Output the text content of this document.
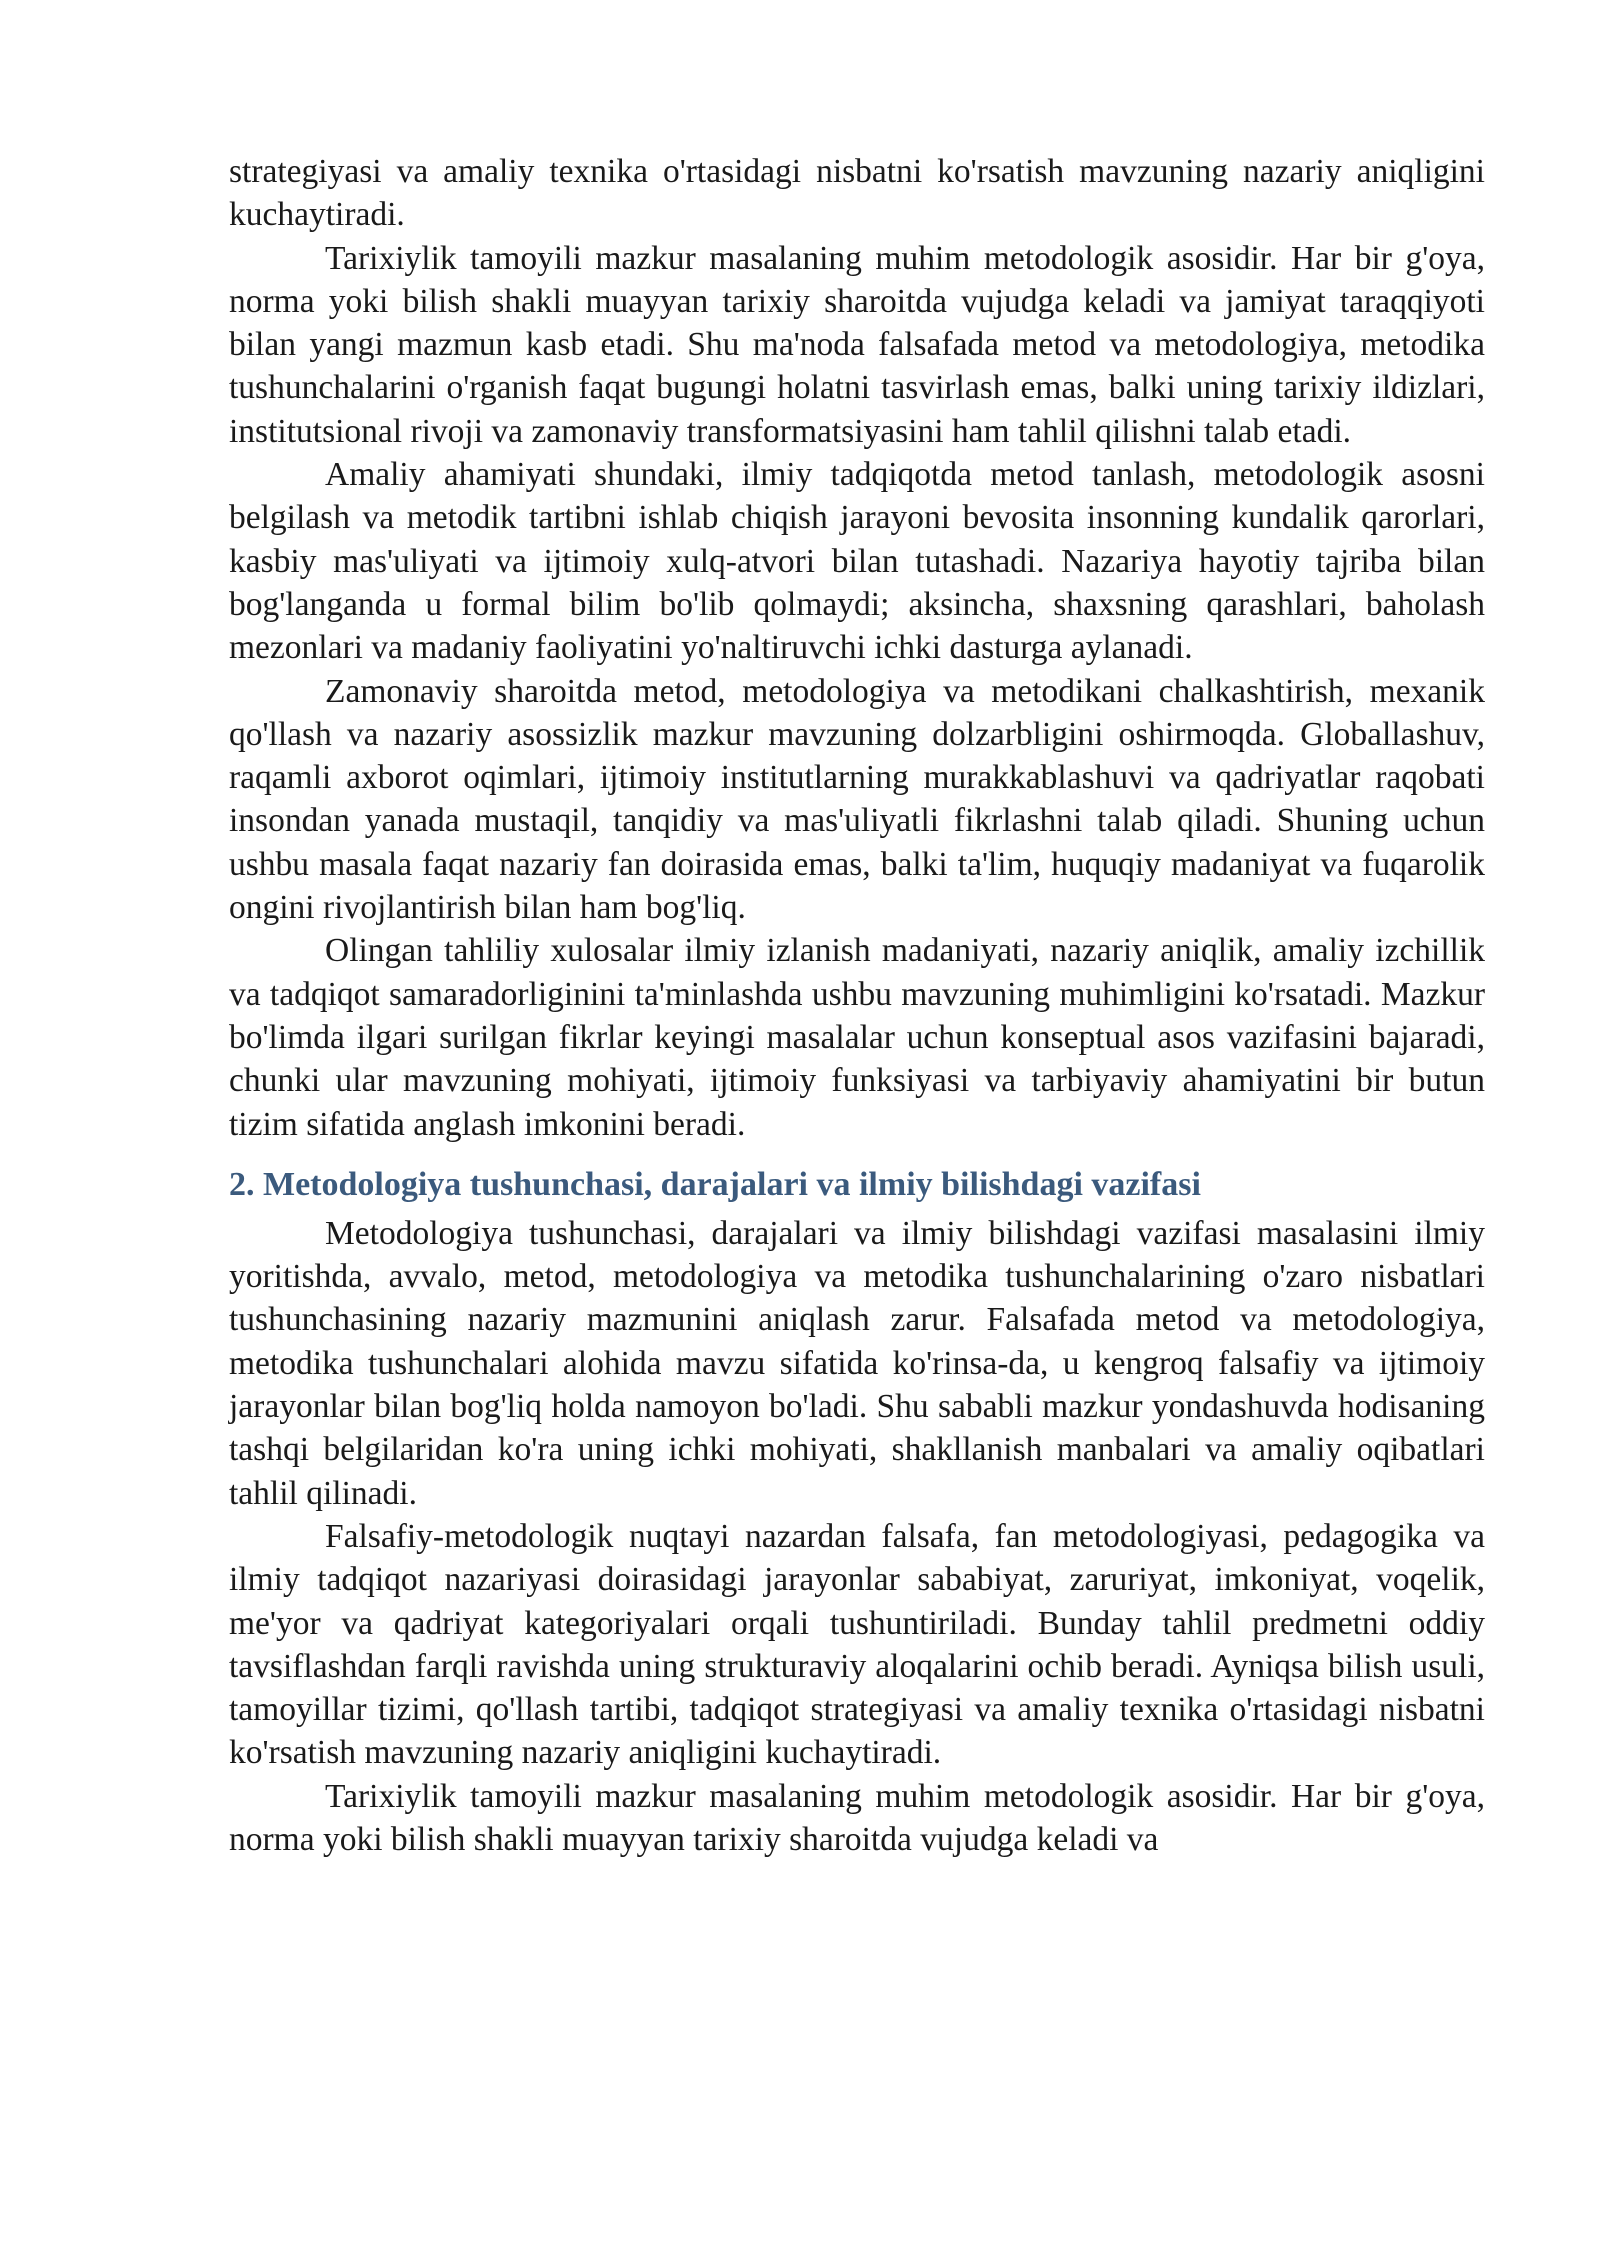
strategiyasi va amaliy texnika o'rtasidagi nisbatni ko'rsatish mavzuning nazariy aniqligini kuchaytiradi.

Tarixiylik tamoyili mazkur masalaning muhim metodologik asosidir. Har bir g'oya, norma yoki bilish shakli muayyan tarixiy sharoitda vujudga keladi va jamiyat taraqqiyoti bilan yangi mazmun kasb etadi. Shu ma'noda falsafada metod va metodologiya, metodika tushunchalarini o'rganish faqat bugungi holatni tasvirlash emas, balki uning tarixiy ildizlari, institutsional rivoji va zamonaviy transformatsiyasini ham tahlil qilishni talab etadi.

Amaliy ahamiyati shundaki, ilmiy tadqiqotda metod tanlash, metodologik asosni belgilash va metodik tartibni ishlab chiqish jarayoni bevosita insonning kundalik qarorlari, kasbiy mas'uliyati va ijtimoiy xulq-atvori bilan tutashadi. Nazariya hayotiy tajriba bilan bog'langanda u formal bilim bo'lib qolmaydi; aksincha, shaxsning qarashlari, baholash mezonlari va madaniy faoliyatini yo'naltiruvchi ichki dasturga aylanadi.

Zamonaviy sharoitda metod, metodologiya va metodikani chalkashtirish, mexanik qo'llash va nazariy asossizlik mazkur mavzuning dolzarbligini oshirmoqda. Globallashuv, raqamli axborot oqimlari, ijtimoiy institutlarning murakkablashuvi va qadriyatlar raqobati insondan yanada mustaqil, tanqidiy va mas'uliyatli fikrlashni talab qiladi. Shuning uchun ushbu masala faqat nazariy fan doirasida emas, balki ta'lim, huquqiy madaniyat va fuqarolik ongini rivojlantirish bilan ham bog'liq.

Olingan tahliliy xulosalar ilmiy izlanish madaniyati, nazariy aniqlik, amaliy izchillik va tadqiqot samaradorliginini ta'minlashda ushbu mavzuning muhimligini ko'rsatadi. Mazkur bo'limda ilgari surilgan fikrlar keyingi masalalar uchun konseptual asos vazifasini bajaradi, chunki ular mavzuning mohiyati, ijtimoiy funksiyasi va tarbiyaviy ahamiyatini bir butun tizim sifatida anglash imkonini beradi.

2. Metodologiya tushunchasi, darajalari va ilmiy bilishdagi vazifasi

Metodologiya tushunchasi, darajalari va ilmiy bilishdagi vazifasi masalasini ilmiy yoritishda, avvalo, metod, metodologiya va metodika tushunchalarining o'zaro nisbatlari tushunchasining nazariy mazmunini aniqlash zarur. Falsafada metod va metodologiya, metodika tushunchalari alohida mavzu sifatida ko'rinsa-da, u kengroq falsafiy va ijtimoiy jarayonlar bilan bog'liq holda namoyon bo'ladi. Shu sababli mazkur yondashuvda hodisaning tashqi belgilaridan ko'ra uning ichki mohiyati, shakllanish manbalari va amaliy oqibatlari tahlil qilinadi.

Falsafiy-metodologik nuqtayi nazardan falsafa, fan metodologiyasi, pedagogika va ilmiy tadqiqot nazariyasi doirasidagi jarayonlar sababiyat, zaruriyat, imkoniyat, voqelik, me'yor va qadriyat kategoriyalari orqali tushuntiriladi. Bunday tahlil predmetni oddiy tavsiflashdan farqli ravishda uning strukturaviy aloqalarini ochib beradi. Ayniqsa bilish usuli, tamoyillar tizimi, qo'llash tartibi, tadqiqot strategiyasi va amaliy texnika o'rtasidagi nisbatni ko'rsatish mavzuning nazariy aniqligini kuchaytiradi.

Tarixiylik tamoyili mazkur masalaning muhim metodologik asosidir. Har bir g'oya, norma yoki bilish shakli muayyan tarixiy sharoitda vujudga keladi va
